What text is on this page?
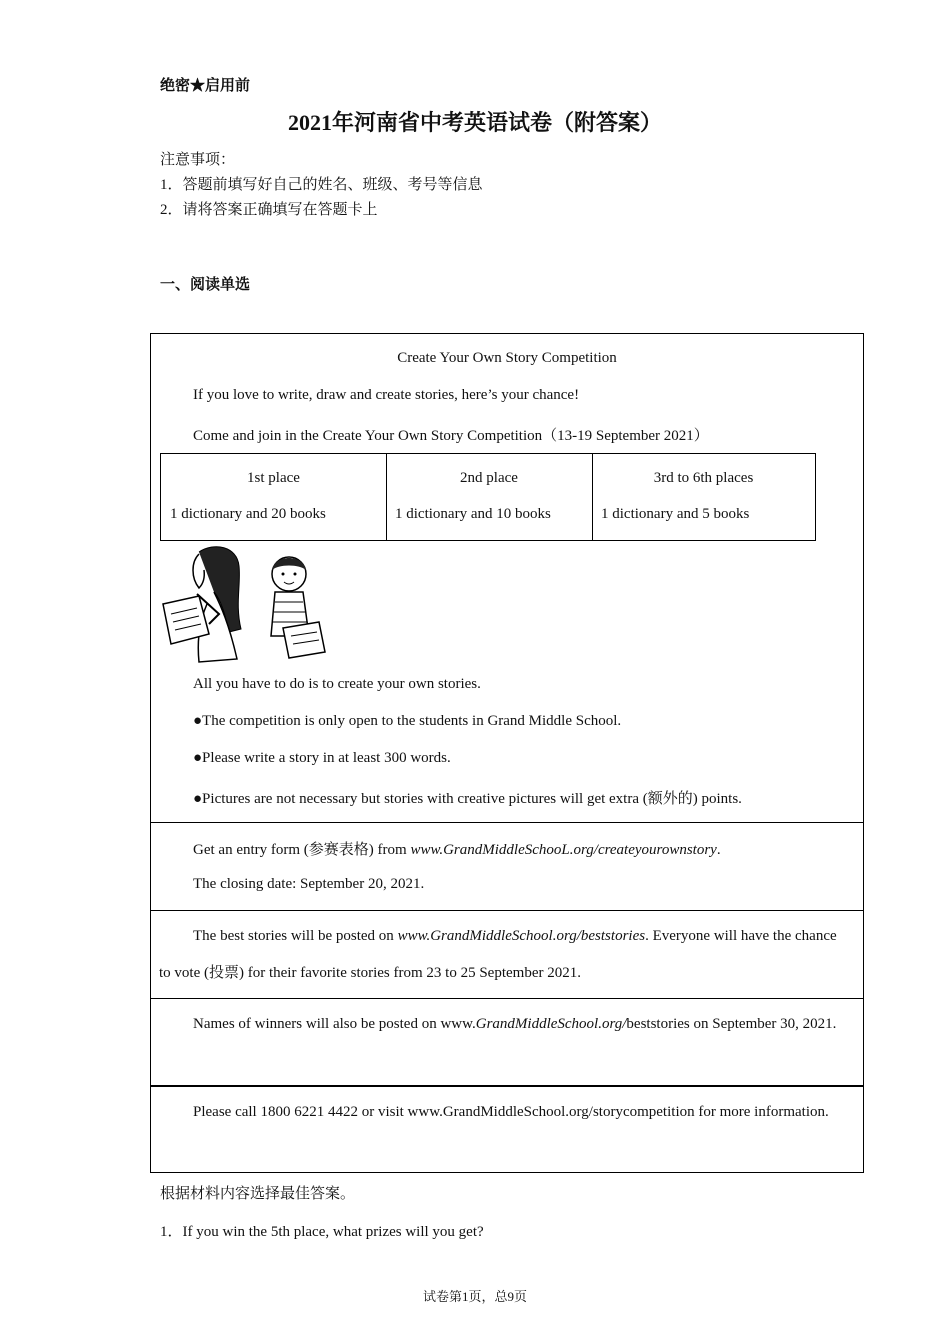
绝密★启用前
2021年河南省中考英语试卷（附答案）
注意事项：
1．答题前填写好自己的姓名、班级、考号等信息
2．请将答案正确填写在答题卡上
一、阅读单选
Create Your Own Story Competition
If you love to write, draw and create stories, here’s your chance!
Come and join in the Create Your Own Story Competition（13-19 September 2021）
1st place
1 dictionary and 20 books
2nd place
1 dictionary and 10 books
3rd to 6th places
1 dictionary and 5 books
All you have to do is to create your own stories.
●The competition is only open to the students in Grand Middle School.
●Please write a story in at least 300 words.
●Pictures are not necessary but stories with creative pictures will get extra (额外的) points.
Get an entry form (参赛表格) from www.GrandMiddleSchooL.org/createyourownstory.
The closing date: September 20, 2021.
The best stories will be posted on www.GrandMiddleSchool.org/beststories. Everyone will have the chance to vote (投票) for their favorite stories from 23 to 25 September 2021.
Names of winners will also be posted on www.GrandMiddleSchool.org/beststories on September 30, 2021.
Please call 1800 6221 4422 or visit www.GrandMiddleSchool.org/storycompetition for more information.
根据材料内容选择最佳答案。
1．If you win the 5th place, what prizes will you get?
试卷第1页，总9页
